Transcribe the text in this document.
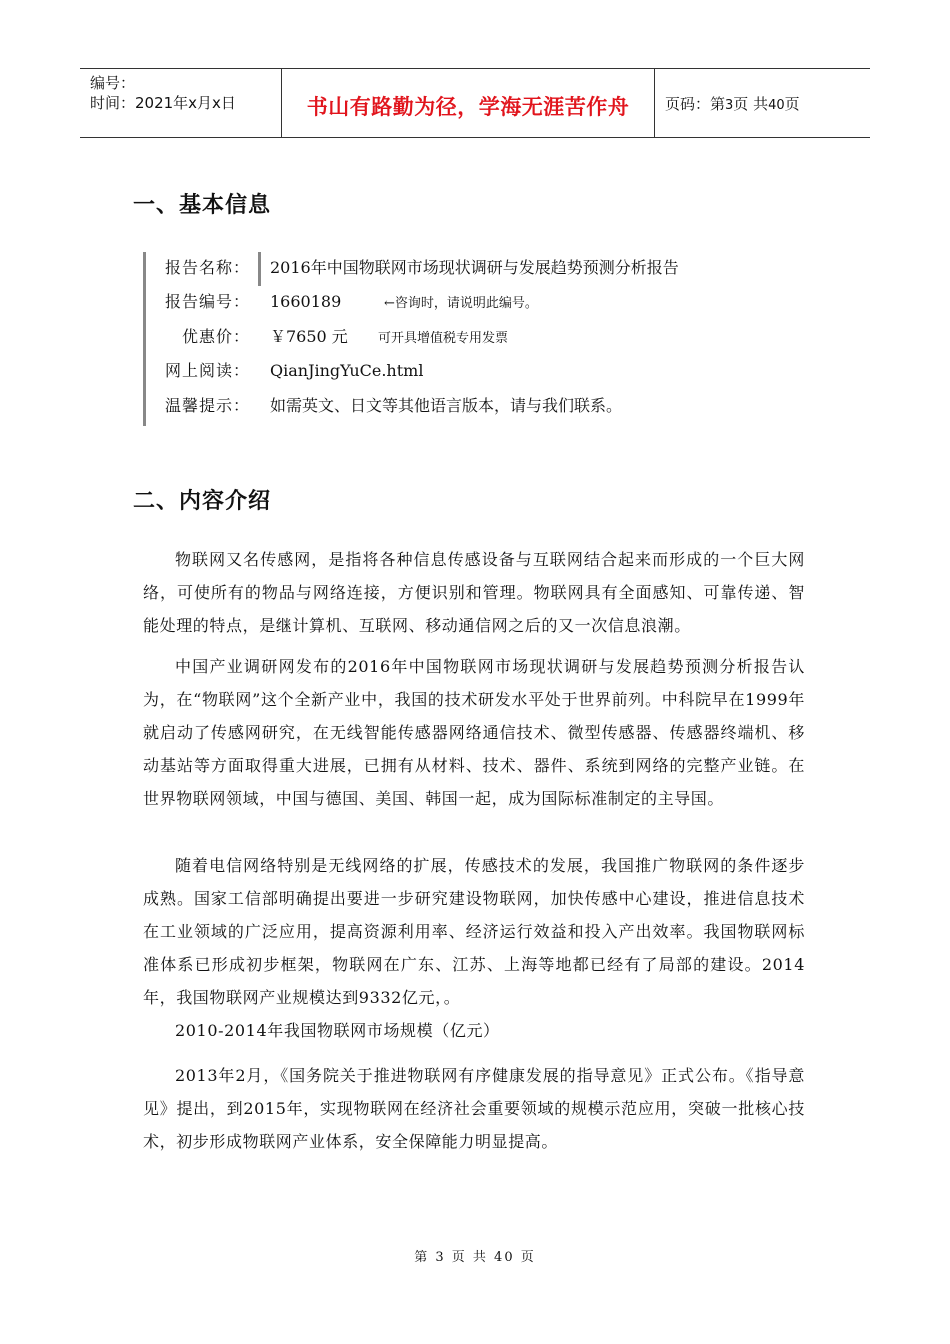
编号：
时间：2021年x月x日	书山有路勤为径，学海无涯苦作舟	页码：第3页 共40页
一、基本信息
报告名称： 2016年中国物联网市场现状调研与发展趋势预测分析报告
报告编号： 1660189	←咨询时，请说明此编号。
优惠价： ￥7650 元 可开具增值税专用发票
网上阅读： QianJingYuCe.html
温馨提示： 如需英文、日文等其他语言版本，请与我们联系。
二、内容介绍
物联网又名传感网，是指将各种信息传感设备与互联网结合起来而形成的一个巨大网络，可使所有的物品与网络连接，方便识别和管理。物联网具有全面感知、可靠传递、智能处理的特点，是继计算机、互联网、移动通信网之后的又一次信息浪潮。
中国产业调研网发布的2016年中国物联网市场现状调研与发展趋势预测分析报告认为，在“物联网”这个全新产业中，我国的技术研发水平处于世界前列。中科院早在1999年就启动了传感网研究，在无线智能传感器网络通信技术、微型传感器、传感器终端机、移动基站等方面取得重大进展，已拥有从材料、技术、器件、系统到网络的完整产业链。在世界物联网领域，中国与德国、美国、韩国一起，成为国际标准制定的主导国。
随着电信网络特别是无线网络的扩展，传感技术的发展，我国推广物联网的条件逐步成熟。国家工信部明确提出要进一步研究建设物联网，加快传感中心建设，推进信息技术在工业领域的广泛应用，提高资源利用率、经济运行效益和投入产出效率。我国物联网标准体系已形成初步框架，物联网在广东、江苏、上海等地都已经有了局部的建设。2014年，我国物联网产业规模达到9332亿元，。
2010-2014年我国物联网市场规模（亿元）
2013年2月，《国务院关于推进物联网有序健康发展的指导意见》正式公布。《指导意见》提出，到2015年，实现物联网在经济社会重要领域的规模示范应用，突破一批核心技术，初步形成物联网产业体系，安全保障能力明显提高。
第 3 页 共 40 页
